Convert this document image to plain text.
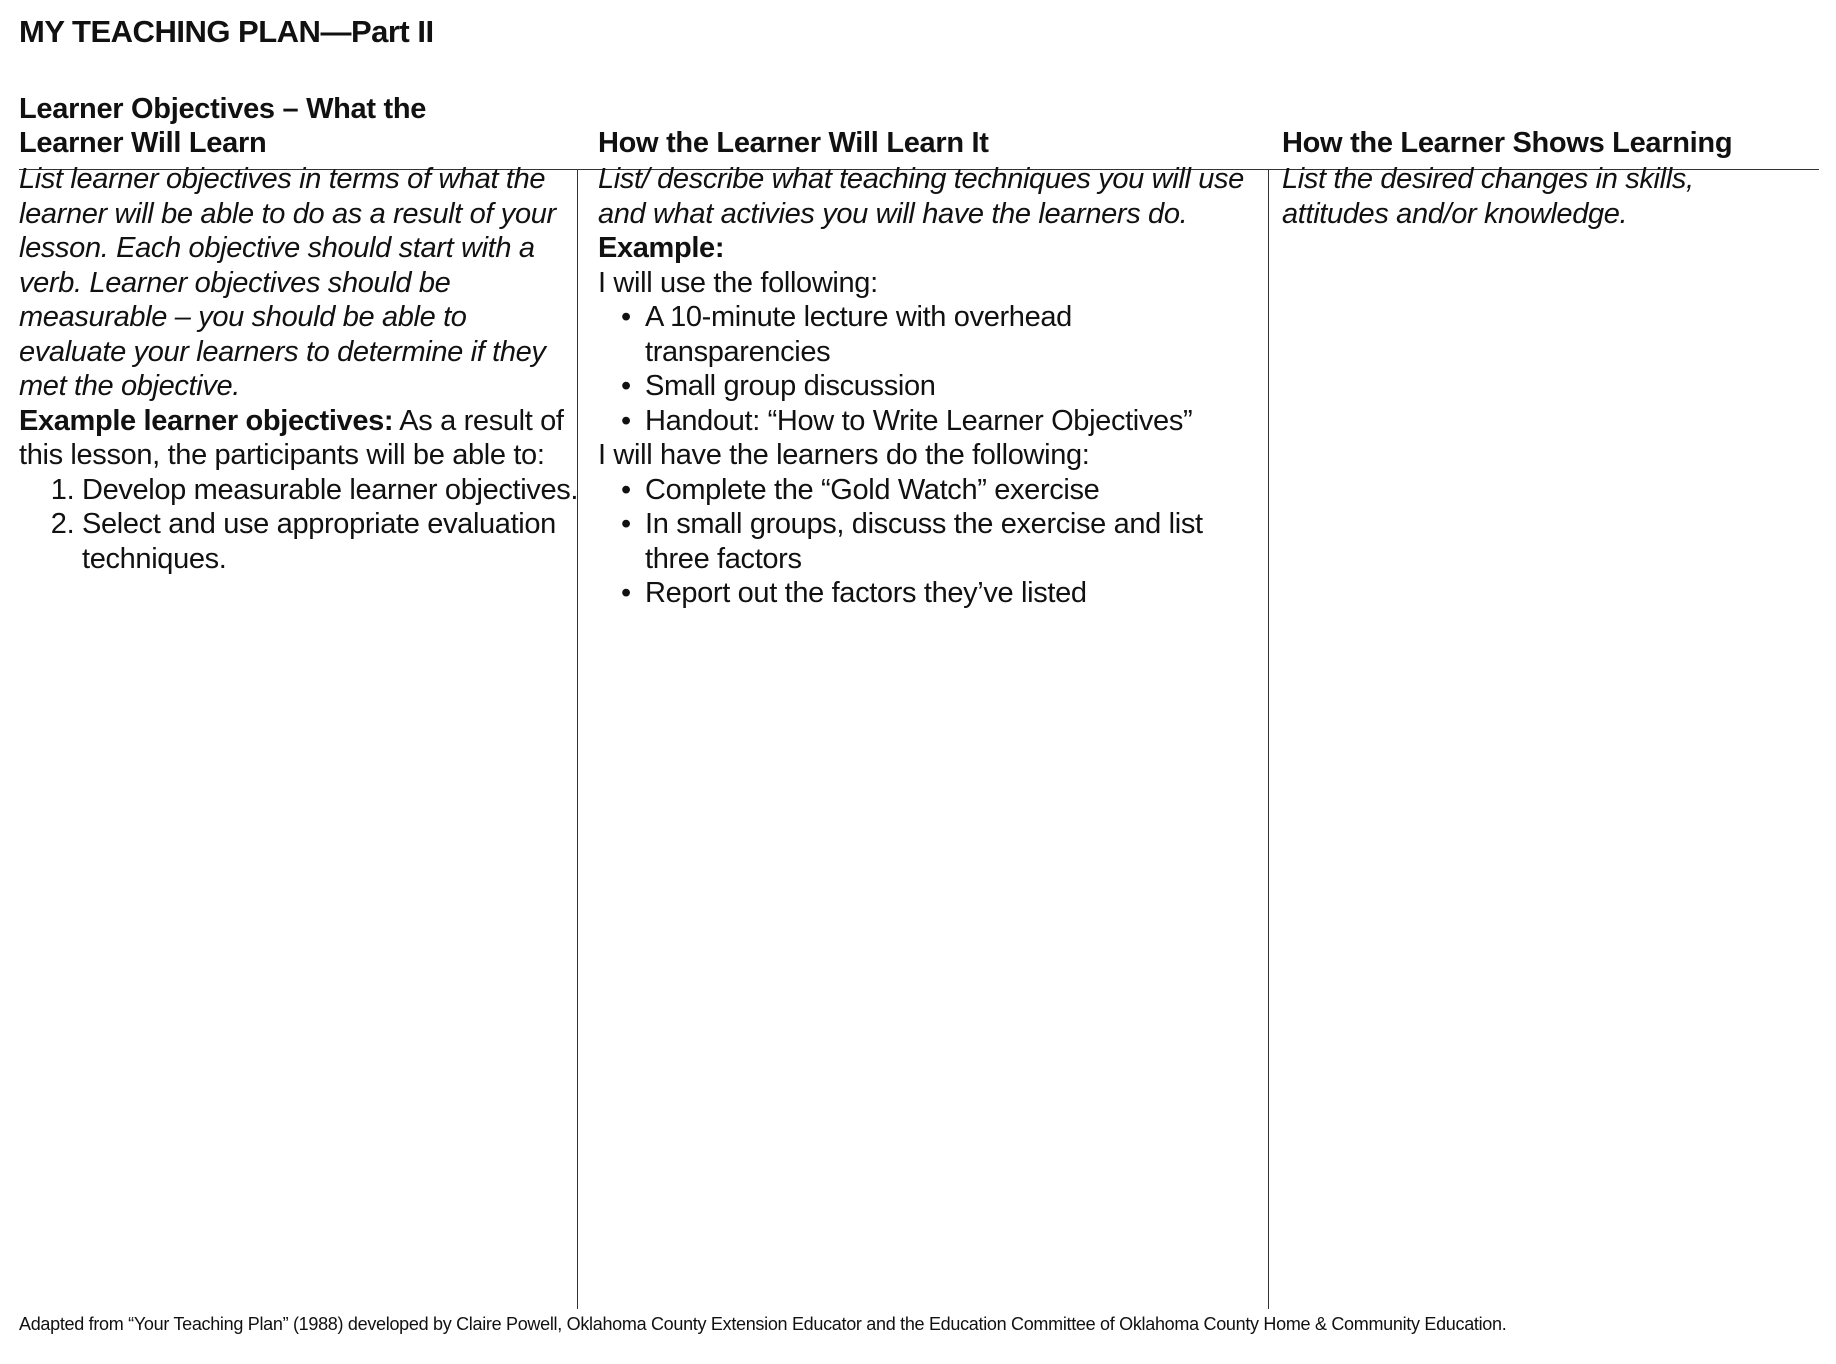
MY TEACHING PLAN—Part II
Learner Objectives – What the Learner Will Learn	How the Learner Will Learn It	How the Learner Shows Learning

List learner objectives in terms of what the learner will be able to do as a result of your lesson. Each objective should start with a verb. Learner objectives should be measurable – you should be able to evaluate your learners to determine if they met the objective.

Example learner objectives: As a result of this lesson, the participants will be able to:

1. Develop measurable learner objectives.
2. Select and use appropriate evaluation techniques.

List/ describe what teaching techniques you will use and what activies you will have the learners do.

Example:

I will use the following:

• A 10-minute lecture with overhead transparencies
• Small group discussion
• Handout: “How to Write Learner Objectives”

I will have the learners do the following:

• Complete the “Gold Watch” exercise
• In small groups, discuss the exercise and list three factors
• Report out the factors they’ve listed

List the desired changes in skills, attitudes and/or knowledge.

Adapted from “Your Teaching Plan” (1988) developed by Claire Powell, Oklahoma County Extension Educator and the Education Committee of Oklahoma County Home & Community Education.
